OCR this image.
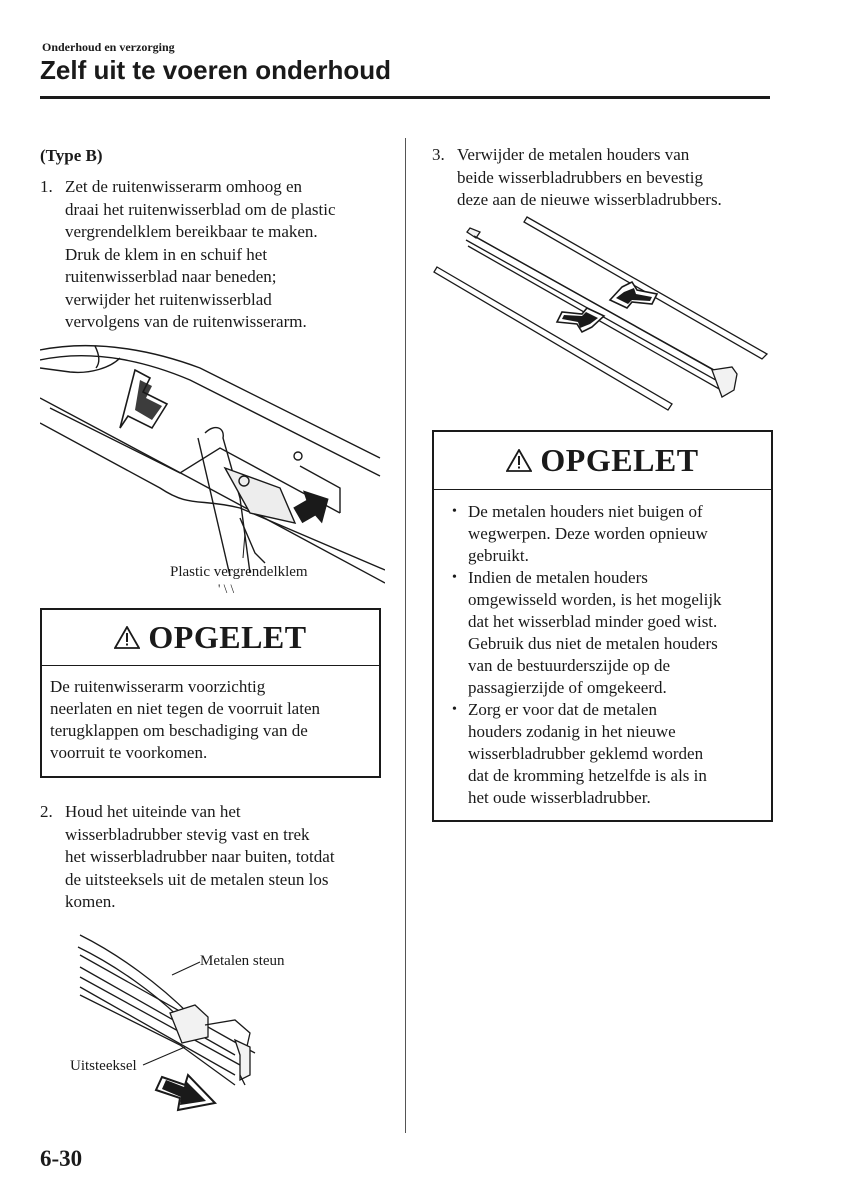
Onderhoud en verzorging
Zelf uit te voeren onderhoud
(Type B)
1. Zet de ruitenwisserarm omhoog en
draai het ruitenwisserblad om de plastic
vergrendelklem bereikbaar te maken.
Druk de klem in en schuif het
ruitenwisserblad naar beneden;
verwijder het ruitenwisserblad
vervolgens van de ruitenwisserarm.
Plastic vergrendelklem
' \ \
OPGELET
De ruitenwisserarm voorzichtig
neerlaten en niet tegen de voorruit laten
terugklappen om beschadiging van de
voorruit te voorkomen.
2. Houd het uiteinde van het
wisserbladrubber stevig vast en trek
het wisserbladrubber naar buiten, totdat
de uitsteeksels uit de metalen steun los
komen.
Metalen steun
Uitsteeksel
3. Verwijder de metalen houders van
beide wisserbladrubbers en bevestig
deze aan de nieuwe wisserbladrubbers.
OPGELET
• De metalen houders niet buigen of
wegwerpen. Deze worden opnieuw
gebruikt.
• Indien de metalen houders
omgewisseld worden, is het mogelijk
dat het wisserblad minder goed wist.
Gebruik dus niet de metalen houders
van de bestuurderszijde op de
passagierzijde of omgekeerd.
• Zorg er voor dat de metalen
houders zodanig in het nieuwe
wisserbladrubber geklemd worden
dat de kromming hetzelfde is als in
het oude wisserbladrubber.
6-30
